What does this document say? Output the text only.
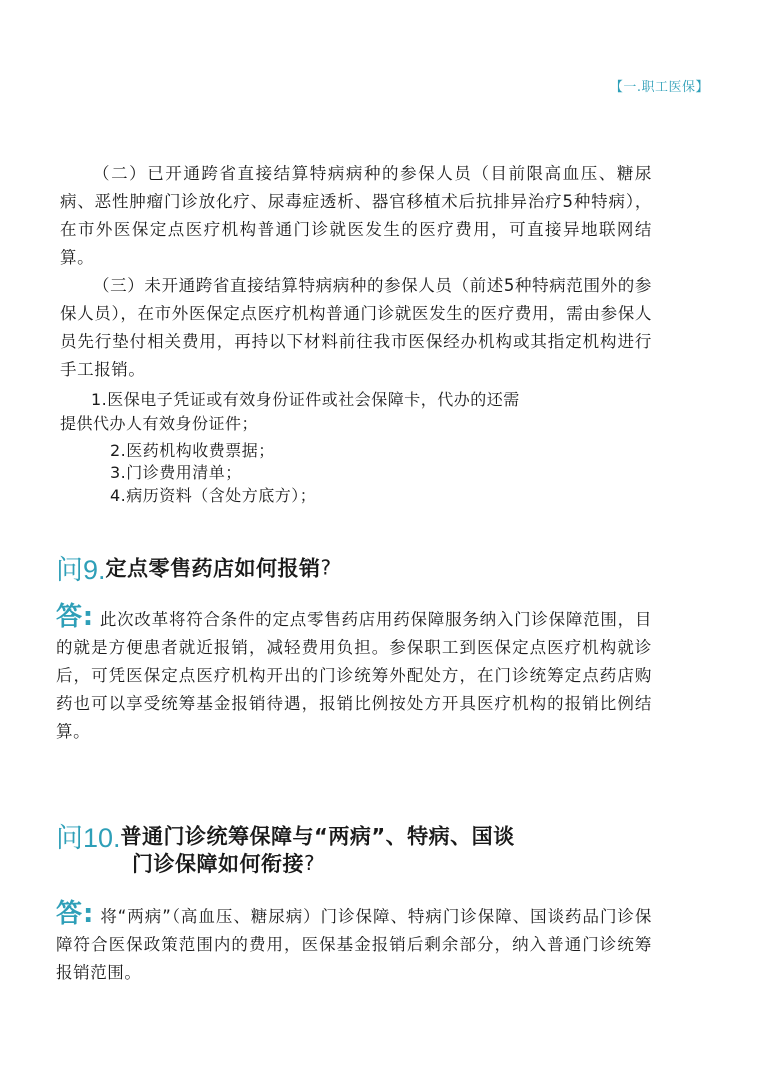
【一.职工医保】

（二）已开通跨省直接结算特病病种的参保人员（目前限高血压、糖尿病、恶性肿瘤门诊放化疗、尿毒症透析、器官移植术后抗排异治疗5种特病），在市外医保定点医疗机构普通门诊就医发生的医疗费用，可直接异地联网结算。

（三）未开通跨省直接结算特病病种的参保人员（前述5种特病范围外的参保人员），在市外医保定点医疗机构普通门诊就医发生的医疗费用，需由参保人员先行垫付相关费用，再持以下材料前往我市医保经办机构或其指定机构进行手工报销。

1.医保电子凭证或有效身份证件或社会保障卡，代办的还需

提供代办人有效身份证件；

2.医药机构收费票据；

3.门诊费用清单；

4.病历资料（含处方底方）；

问9.定点零售药店如何报销?

答: 此次改革将符合条件的定点零售药店用药保障服务纳入门诊保障范围，目的就是方便患者就近报销，减轻费用负担。参保职工到医保定点医疗机构就诊后，可凭医保定点医疗机构开出的门诊统筹外配处方，在门诊统筹定点药店购药也可以享受统筹基金报销待遇，报销比例按处方开具医疗机构的报销比例结算。

问10.普通门诊统筹保障与“两病”、特病、国谈
门诊保障如何衔接?

答: 将“两病”（高血压、糖尿病）门诊保障、特病门诊保障、国谈药品门诊保障符合医保政策范围内的费用，医保基金报销后剩余部分，纳入普通门诊统筹报销范围。
